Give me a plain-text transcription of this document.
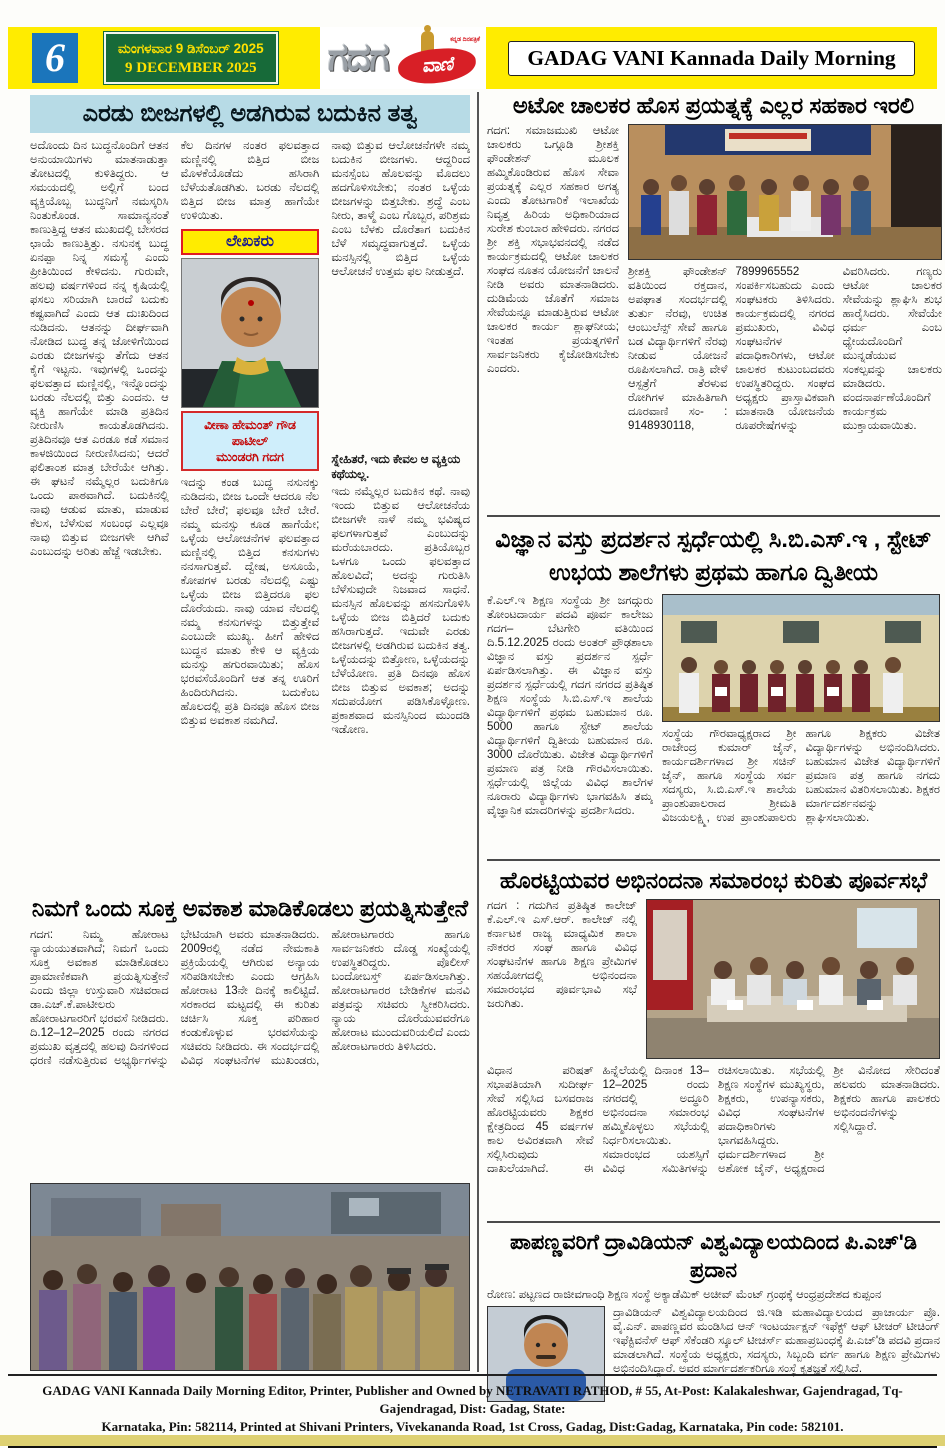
6	ಮಂಗಳವಾರ 9 ಡಿಸೆಂಬರ್ 2025
9 DECEMBER 2025 ಗದಗ	ಕನ್ನಡ ದಿನಪತ್ರಿಕೆ
ವಾಣಿ	GADAG VANI Kannada Daily Morning
ಎರಡು ಬೀಜಗಳಲ್ಲಿ ಅಡಗಿರುವ ಬದುಕಿನ ತತ್ವ
ಅದೊಂದು ದಿನ ಬುದ್ಧನೊಂದಿಗೆ ಆತನ ಅನುಯಾಯಿಗಳು ಮಾತನಾಡುತ್ತಾ ತೋಟದಲ್ಲಿ ಕುಳಿತಿದ್ದರು. ಆ ಸಮಯದಲ್ಲಿ ಅಲ್ಲಿಗೆ ಬಂದ ವ್ಯಕ್ತಿಯೊಬ್ಬ ಬುದ್ಧನಿಗೆ ನಮಸ್ಕರಿಸಿ ನಿಂತುಕೊಂಡ. ಸಾಮಾನ್ಯನಂತೆ ಕಾಣುತ್ತಿದ್ದ ಆತನ ಮುಖದಲ್ಲಿ ಬೇಸರದ ಛಾಯೆ ಕಾಣುತ್ತಿತ್ತು. ನಸುನಕ್ಕ ಬುದ್ಧ ಏನಪ್ಪಾ ನಿನ್ನ ಸಮಸ್ಯೆ ಎಂದು ಪ್ರೀತಿಯಿಂದ ಕೇಳಿದನು. ಗುರುವೇ, ಹಲವು ವರ್ಷಗಳಿಂದ ನನ್ನ ಕೃಷಿಯಲ್ಲಿ ಫಸಲು ಸರಿಯಾಗಿ ಬಾರದೆ ಬದುಕು ಕಷ್ಟವಾಗಿದೆ ಎಂದು ಆತ ದುಃಖದಿಂದ ನುಡಿದನು. ಆತನನ್ನು ದೀರ್ಘವಾಗಿ ನೋಡಿದ ಬುದ್ಧ ತನ್ನ ಜೋಳಿಗೆಯಿಂದ ಎರಡು ಬೀಜಗಳನ್ನು ತೆಗೆದು ಆತನ ಕೈಗೆ ಇಟ್ಟನು. ಇವುಗಳಲ್ಲಿ ಒಂದನ್ನು ಫಲವತ್ತಾದ ಮಣ್ಣಿನಲ್ಲಿ, ಇನ್ನೊಂದನ್ನು ಬರಡು ನೆಲದಲ್ಲಿ ಬಿತ್ತು ಎಂದನು. ಆ ವ್ಯಕ್ತಿ ಹಾಗೆಯೇ ಮಾಡಿ ಪ್ರತಿದಿನ ನೀರುಣಿಸಿ ಕಾಯತೊಡಗಿದನು. ಪ್ರತಿದಿನವೂ ಆತ ಎರಡೂ ಕಡೆ ಸಮಾನ ಕಾಳಜಿಯಿಂದ ನೀರುಣಿಸಿದನು; ಆದರೆ ಫಲಿತಾಂಶ ಮಾತ್ರ ಬೇರೆಯೇ ಆಗಿತ್ತು. ಈ ಘಟನೆ ನಮ್ಮೆಲ್ಲರ ಬದುಕಿಗೂ ಒಂದು ಪಾಠವಾಗಿದೆ. ಬದುಕಿನಲ್ಲಿ ನಾವು ಆಡುವ ಮಾತು, ಮಾಡುವ ಕೆಲಸ, ಬೆಳೆಸುವ ಸಂಬಂಧ ಎಲ್ಲವೂ ನಾವು ಬಿತ್ತುವ ಬೀಜಗಳೇ ಆಗಿವೆ ಎಂಬುದನ್ನು ಅರಿತು ಹೆಜ್ಜೆ ಇಡಬೇಕು.
ಕೆಲ ದಿನಗಳ ನಂತರ ಫಲವತ್ತಾದ ಮಣ್ಣಿನಲ್ಲಿ ಬಿತ್ತಿದ ಬೀಜ ಮೊಳಕೆಯೊಡೆದು ಹಸಿರಾಗಿ ಬೆಳೆಯತೊಡಗಿತು. ಬರಡು ನೆಲದಲ್ಲಿ ಬಿತ್ತಿದ ಬೀಜ ಮಾತ್ರ ಹಾಗೆಯೇ ಉಳಿಯಿತು.
ಲೇಖಕರು
ವೀಣಾ ಹೇಮಂತ್ ಗೌಡ ಪಾಟೀಲ್
ಮುಂಡರಗಿ ಗದಗ
ಇದನ್ನು ಕಂಡ ಬುದ್ಧ ನಸುನಕ್ಕು ನುಡಿದನು, ಬೀಜ ಒಂದೇ ಆದರೂ ನೆಲ ಬೇರೆ ಬೇರೆ; ಫಲವೂ ಬೇರೆ ಬೇರೆ. ನಮ್ಮ ಮನಸ್ಸು ಕೂಡ ಹಾಗೆಯೇ; ಒಳ್ಳೆಯ ಆಲೋಚನೆಗಳ ಫಲವತ್ತಾದ ಮಣ್ಣಿನಲ್ಲಿ ಬಿತ್ತಿದ ಕನಸುಗಳು ನನಸಾಗುತ್ತವೆ. ದ್ವೇಷ, ಅಸೂಯೆ, ಕೋಪಗಳ ಬರಡು ನೆಲದಲ್ಲಿ ಎಷ್ಟು ಒಳ್ಳೆಯ ಬೀಜ ಬಿತ್ತಿದರೂ ಫಲ ದೊರೆಯದು. ನಾವು ಯಾವ ನೆಲದಲ್ಲಿ ನಮ್ಮ ಕನಸುಗಳನ್ನು ಬಿತ್ತುತ್ತೇವೆ ಎಂಬುದೇ ಮುಖ್ಯ. ಹೀಗೆ ಹೇಳಿದ ಬುದ್ಧನ ಮಾತು ಕೇಳಿ ಆ ವ್ಯಕ್ತಿಯ ಮನಸ್ಸು ಹಗುರವಾಯಿತು; ಹೊಸ ಭರವಸೆಯೊಂದಿಗೆ ಆತ ತನ್ನ ಊರಿಗೆ ಹಿಂದಿರುಗಿದನು. ಬದುಕೆಂಬ ಹೊಲದಲ್ಲಿ ಪ್ರತಿ ದಿನವೂ ಹೊಸ ಬೀಜ ಬಿತ್ತುವ ಅವಕಾಶ ನಮಗಿದೆ.
ನಾವು ಬಿತ್ತುವ ಆಲೋಚನೆಗಳೇ ನಮ್ಮ ಬದುಕಿನ ಬೀಜಗಳು. ಆದ್ದರಿಂದ ಮನಸ್ಸೆಂಬ ಹೊಲವನ್ನು ಮೊದಲು ಹದಗೊಳಿಸಬೇಕು; ನಂತರ ಒಳ್ಳೆಯ ಬೀಜಗಳನ್ನು ಬಿತ್ತಬೇಕು. ಶ್ರದ್ಧೆ ಎಂಬ ನೀರು, ತಾಳ್ಮೆ ಎಂಬ ಗೊಬ್ಬರ, ಪರಿಶ್ರಮ ಎಂಬ ಬೆಳಕು ದೊರೆತಾಗ ಬದುಕಿನ ಬೆಳೆ ಸಮೃದ್ಧವಾಗುತ್ತದೆ. ಒಳ್ಳೆಯ ಮನಸ್ಸಿನಲ್ಲಿ ಬಿತ್ತಿದ ಒಳ್ಳೆಯ ಆಲೋಚನೆ ಉತ್ತಮ ಫಲ ನೀಡುತ್ತದೆ.
ಸ್ನೇಹಿತರೆ, ಇದು ಕೇವಲ ಆ ವ್ಯಕ್ತಿಯ ಕಥೆಯಲ್ಲ.
ಇದು ನಮ್ಮೆಲ್ಲರ ಬದುಕಿನ ಕಥೆ. ನಾವು ಇಂದು ಬಿತ್ತುವ ಆಲೋಚನೆಯ ಬೀಜಗಳೇ ನಾಳೆ ನಮ್ಮ ಭವಿಷ್ಯದ ಫಲಗಳಾಗುತ್ತವೆ ಎಂಬುದನ್ನು ಮರೆಯಬಾರದು. ಪ್ರತಿಯೊಬ್ಬರ ಒಳಗೂ ಒಂದು ಫಲವತ್ತಾದ ಹೊಲವಿದೆ; ಅದನ್ನು ಗುರುತಿಸಿ ಬೆಳೆಸುವುದೇ ನಿಜವಾದ ಸಾಧನೆ. ಮನಸ್ಸಿನ ಹೊಲವನ್ನು ಹಸನುಗೊಳಿಸಿ ಒಳ್ಳೆಯ ಬೀಜ ಬಿತ್ತಿದರೆ ಬದುಕು ಹಸಿರಾಗುತ್ತದೆ. ಇದುವೇ ಎರಡು ಬೀಜಗಳಲ್ಲಿ ಅಡಗಿರುವ ಬದುಕಿನ ತತ್ವ. ಒಳ್ಳೆಯದನ್ನು ಬಿತ್ತೋಣ, ಒಳ್ಳೆಯದನ್ನು ಬೆಳೆಯೋಣ. ಪ್ರತಿ ದಿನವೂ ಹೊಸ ಬೀಜ ಬಿತ್ತುವ ಅವಕಾಶ; ಅದನ್ನು ಸದುಪಯೋಗ ಪಡಿಸಿಕೊಳ್ಳೋಣ. ಪ್ರಕಾಶವಾದ ಮನಸ್ಸಿನಿಂದ ಮುಂದಡಿ ಇಡೋಣ.
ನಿಮಗೆ ಒಂದು ಸೂಕ್ತ ಅವಕಾಶ ಮಾಡಿಕೊಡಲು ಪ್ರಯತ್ನಿಸುತ್ತೇನೆ
ಗದಗ: ನಿಮ್ಮ ಹೋರಾಟ ನ್ಯಾಯಯುತವಾಗಿದೆ; ನಿಮಗೆ ಒಂದು ಸೂಕ್ತ ಅವಕಾಶ ಮಾಡಿಕೊಡಲು ಪ್ರಾಮಾಣಿಕವಾಗಿ ಪ್ರಯತ್ನಿಸುತ್ತೇನೆ ಎಂದು ಜಿಲ್ಲಾ ಉಸ್ತುವಾರಿ ಸಚಿವರಾದ ಡಾ.ಎಚ್.ಕೆ.ಪಾಟೀಲರು ಹೋರಾಟಗಾರರಿಗೆ ಭರವಸೆ ನೀಡಿದರು. ದಿ.12–12–2025 ರಂದು ನಗರದ ಪ್ರಮುಖ ವೃತ್ತದಲ್ಲಿ ಹಲವು ದಿನಗಳಿಂದ ಧರಣಿ ನಡೆಸುತ್ತಿರುವ ಅಭ್ಯರ್ಥಿಗಳನ್ನು ಭೇಟಿಯಾಗಿ ಅವರು ಮಾತನಾಡಿದರು. 2009ರಲ್ಲಿ ನಡೆದ ನೇಮಕಾತಿ ಪ್ರಕ್ರಿಯೆಯಲ್ಲಿ ಆಗಿರುವ ಅನ್ಯಾಯ ಸರಿಪಡಿಸಬೇಕು ಎಂದು ಆಗ್ರಹಿಸಿ ಹೋರಾಟ 13ನೇ ದಿನಕ್ಕೆ ಕಾಲಿಟ್ಟಿದೆ. ಸರಕಾರದ ಮಟ್ಟದಲ್ಲಿ ಈ ಕುರಿತು ಚರ್ಚಿಸಿ ಸೂಕ್ತ ಪರಿಹಾರ ಕಂಡುಕೊಳ್ಳುವ ಭರವಸೆಯನ್ನು ಸಚಿವರು ನೀಡಿದರು. ಈ ಸಂದರ್ಭದಲ್ಲಿ ವಿವಿಧ ಸಂಘಟನೆಗಳ ಮುಖಂಡರು, ಹೋರಾಟಗಾರರು ಹಾಗೂ ಸಾರ್ವಜನಿಕರು ದೊಡ್ಡ ಸಂಖ್ಯೆಯಲ್ಲಿ ಉಪಸ್ಥಿತರಿದ್ದರು. ಪೊಲೀಸ್ ಬಂದೋಬಸ್ತ್ ಏರ್ಪಡಿಸಲಾಗಿತ್ತು. ಹೋರಾಟಗಾರರ ಬೇಡಿಕೆಗಳ ಮನವಿ ಪತ್ರವನ್ನು ಸಚಿವರು ಸ್ವೀಕರಿಸಿದರು. ನ್ಯಾಯ ದೊರೆಯುವವರೆಗೂ ಹೋರಾಟ ಮುಂದುವರಿಯಲಿದೆ ಎಂದು ಹೋರಾಟಗಾರರು ತಿಳಿಸಿದರು.
ಅಟೋ ಚಾಲಕರ ಹೊಸ ಪ್ರಯತ್ನಕ್ಕೆ ಎಲ್ಲರ ಸಹಕಾರ ಇರಲಿ
ಗದಗ: ಸಮಾಜಮುಖಿ ಆಟೋ ಚಾಲಕರು ಒಗ್ಗೂಡಿ ಶ್ರೀಶಕ್ತಿ ಫೌಂಡೇಶನ್ ಮೂಲಕ ಹಮ್ಮಿಕೊಂಡಿರುವ ಹೊಸ ಸೇವಾ ಪ್ರಯತ್ನಕ್ಕೆ ಎಲ್ಲರ ಸಹಕಾರ ಅಗತ್ಯ ಎಂದು ತೋಟಗಾರಿಕೆ ಇಲಾಖೆಯ ನಿವೃತ್ತ ಹಿರಿಯ ಅಧಿಕಾರಿಯಾದ ಸುರೇಶ ಕುಂಬಾರ ಹೇಳಿದರು. ನಗರದ ಶ್ರೀ ಶಕ್ತಿ ಸಭಾಭವನದಲ್ಲಿ ನಡೆದ ಕಾರ್ಯಕ್ರಮದಲ್ಲಿ ಆಟೋ ಚಾಲಕರ ಸಂಘದ ನೂತನ ಯೋಜನೆಗೆ ಚಾಲನೆ ನೀಡಿ ಅವರು ಮಾತನಾಡಿದರು. ದುಡಿಮೆಯ ಜೊತೆಗೆ ಸಮಾಜ ಸೇವೆಯನ್ನೂ ಮಾಡುತ್ತಿರುವ ಆಟೋ ಚಾಲಕರ ಕಾರ್ಯ ಶ್ಲಾಘನೀಯ; ಇಂತಹ ಪ್ರಯತ್ನಗಳಿಗೆ ಸಾರ್ವಜನಿಕರು ಕೈಜೋಡಿಸಬೇಕು ಎಂದರು.
ಶ್ರೀಶಕ್ತಿ ಫೌಂಡೇಶನ್ ವತಿಯಿಂದ ರಕ್ತದಾನ, ಅಪಘಾತ ಸಂದರ್ಭದಲ್ಲಿ ತುರ್ತು ನೆರವು, ಉಚಿತ ಆಂಬುಲೆನ್ಸ್ ಸೇವೆ ಹಾಗೂ ಬಡ ವಿದ್ಯಾರ್ಥಿಗಳಿಗೆ ನೆರವು ನೀಡುವ ಯೋಜನೆ ರೂಪಿಸಲಾಗಿದೆ. ರಾತ್ರಿ ವೇಳೆ ಆಸ್ಪತ್ರೆಗೆ ತೆರಳುವ ರೋಗಿಗಳ ಮಾಹಿತಿಗಾಗಿ ದೂರವಾಣಿ ಸಂ- : 9148930118, 7899965552 ಸಂಪರ್ಕಿಸಬಹುದು ಎಂದು ಸಂಘಟಕರು ತಿಳಿಸಿದರು. ಕಾರ್ಯಕ್ರಮದಲ್ಲಿ ನಗರದ ಪ್ರಮುಖರು, ವಿವಿಧ ಸಂಘಟನೆಗಳ ಪದಾಧಿಕಾರಿಗಳು, ಆಟೋ ಚಾಲಕರ ಕುಟುಂಬದವರು ಉಪಸ್ಥಿತರಿದ್ದರು. ಸಂಘದ ಅಧ್ಯಕ್ಷರು ಪ್ರಾಸ್ತಾವಿಕವಾಗಿ ಮಾತನಾಡಿ ಯೋಜನೆಯ ರೂಪರೇಷೆಗಳನ್ನು ವಿವರಿಸಿದರು. ಗಣ್ಯರು ಆಟೋ ಚಾಲಕರ ಸೇವೆಯನ್ನು ಶ್ಲಾಘಿಸಿ ಶುಭ ಹಾರೈಸಿದರು. ಸೇವೆಯೇ ಧರ್ಮ ಎಂಬ ಧ್ಯೇಯದೊಂದಿಗೆ ಮುನ್ನಡೆಯುವ ಸಂಕಲ್ಪವನ್ನು ಚಾಲಕರು ಮಾಡಿದರು. ವಂದನಾರ್ಪಣೆಯೊಂದಿಗೆ ಕಾರ್ಯಕ್ರಮ ಮುಕ್ತಾಯವಾಯಿತು.
ವಿಜ್ಞಾನ ವಸ್ತು ಪ್ರದರ್ಶನ ಸ್ಪರ್ಧೆಯಲ್ಲಿ ಸಿ.ಬಿ.ಎಸ್.ಇ , ಸ್ಟೇಟ್ ಉಭಯ ಶಾಲೆಗಳು ಪ್ರಥಮ ಹಾಗೂ ದ್ವಿತೀಯ
ಕೆ.ಎಲ್.ಇ ಶಿಕ್ಷಣ ಸಂಸ್ಥೆಯ ಶ್ರೀ ಜಗದ್ಗುರು ತೋಂಟದಾರ್ಯ ಪದವಿ ಪೂರ್ವ ಕಾಲೇಜು ಗದಗ– ಬೆಟಗೇರಿ ವತಿಯಿಂದ ದಿ.5.12.2025 ರಂದು ಅಂತರ್ ಪ್ರೌಢಶಾಲಾ ವಿಜ್ಞಾನ ವಸ್ತು ಪ್ರದರ್ಶನ ಸ್ಪರ್ಧೆ ಏರ್ಪಡಿಸಲಾಗಿತ್ತು. ಈ ವಿಜ್ಞಾನ ವಸ್ತು ಪ್ರದರ್ಶನ ಸ್ಪರ್ಧೆಯಲ್ಲಿ ಗದಗ ನಗರದ ಪ್ರತಿಷ್ಠಿತ ಶಿಕ್ಷಣ ಸಂಸ್ಥೆಯ ಸಿ.ಬಿ.ಎಸ್.ಇ ಶಾಲೆಯ ವಿದ್ಯಾರ್ಥಿಗಳಿಗೆ ಪ್ರಥಮ ಬಹುಮಾನ ರೂ. 5000 ಹಾಗೂ ಸ್ಟೇಟ್ ಶಾಲೆಯ ವಿದ್ಯಾರ್ಥಿಗಳಿಗೆ ದ್ವಿತೀಯ ಬಹುಮಾನ ರೂ. 3000 ದೊರೆಯಿತು. ವಿಜೇತ ವಿದ್ಯಾರ್ಥಿಗಳಿಗೆ ಪ್ರಮಾಣ ಪತ್ರ ನೀಡಿ ಗೌರವಿಸಲಾಯಿತು. ಸ್ಪರ್ಧೆಯಲ್ಲಿ ಜಿಲ್ಲೆಯ ವಿವಿಧ ಶಾಲೆಗಳ ನೂರಾರು ವಿದ್ಯಾರ್ಥಿಗಳು ಭಾಗವಹಿಸಿ ತಮ್ಮ ವೈಜ್ಞಾನಿಕ ಮಾದರಿಗಳನ್ನು ಪ್ರದರ್ಶಿಸಿದರು.
ಸಂಸ್ಥೆಯ ಗೌರವಾಧ್ಯಕ್ಷರಾದ ಶ್ರೀ ರಾಜೇಂದ್ರ ಕುಮಾರ್ ಜೈನ್, ಕಾರ್ಯದರ್ಶಿಗಳಾದ ಶ್ರೀ ಸಚಿನ್ ಜೈನ್, ಹಾಗೂ ಸಂಸ್ಥೆಯ ಸರ್ವ ಸದಸ್ಯರು, ಸಿ.ಬಿ.ಎಸ್.ಇ ಶಾಲೆಯ ಪ್ರಾಂಶುಪಾಲರಾದ ಶ್ರೀಮತಿ ವಿಜಯಲಕ್ಷ್ಮಿ, ಉಪ ಪ್ರಾಂಶುಪಾಲರು ಹಾಗೂ ಶಿಕ್ಷಕರು ವಿಜೇತ ವಿದ್ಯಾರ್ಥಿಗಳನ್ನು ಅಭಿನಂದಿಸಿದರು. ಬಹುಮಾನ ವಿಜೇತ ವಿದ್ಯಾರ್ಥಿಗಳಿಗೆ ಪ್ರಮಾಣ ಪತ್ರ ಹಾಗೂ ನಗದು ಬಹುಮಾನ ವಿತರಿಸಲಾಯಿತು. ಶಿಕ್ಷಕರ ಮಾರ್ಗದರ್ಶನವನ್ನು ಶ್ಲಾಘಿಸಲಾಯಿತು.
ಹೊರಟ್ಟಿಯವರ ಅಭಿನಂದನಾ ಸಮಾರಂಭ ಕುರಿತು ಪೂರ್ವಸಭೆ
ಗದಗ : ಗದುಗಿನ ಪ್ರತಿಷ್ಠಿತ ಕಾಲೇಜ್ ಕೆ.ಎಲ್.ಇ ಎಸ್.ಆರ್. ಕಾಲೇಜ್ ನಲ್ಲಿ ಕರ್ನಾಟಕ ರಾಜ್ಯ ಮಾಧ್ಯಮಿಕ ಶಾಲಾ ನೌಕರರ ಸಂಘ ಹಾಗೂ ವಿವಿಧ ಸಂಘಟನೆಗಳ ಹಾಗೂ ಶಿಕ್ಷಣ ಪ್ರೇಮಿಗಳ ಸಹಯೋಗದಲ್ಲಿ ಅಭಿನಂದನಾ ಸಮಾರಂಭದ ಪೂರ್ವಭಾವಿ ಸಭೆ ಜರುಗಿತು.
ವಿಧಾನ ಪರಿಷತ್ ಸಭಾಪತಿಯಾಗಿ ಸುದೀರ್ಘ ಸೇವೆ ಸಲ್ಲಿಸಿದ ಬಸವರಾಜ ಹೊರಟ್ಟಿಯವರು ಶಿಕ್ಷಕರ ಕ್ಷೇತ್ರದಿಂದ 45 ವರ್ಷಗಳ ಕಾಲ ಅವಿರತವಾಗಿ ಸೇವೆ ಸಲ್ಲಿಸಿರುವುದು ದಾಖಲೆಯಾಗಿದೆ. ಈ ಹಿನ್ನೆಲೆಯಲ್ಲಿ ದಿನಾಂಕ 13–12–2025 ರಂದು ನಗರದಲ್ಲಿ ಅದ್ಧೂರಿ ಅಭಿನಂದನಾ ಸಮಾರಂಭ ಹಮ್ಮಿಕೊಳ್ಳಲು ಸಭೆಯಲ್ಲಿ ನಿರ್ಧರಿಸಲಾಯಿತು. ಸಮಾರಂಭದ ಯಶಸ್ಸಿಗೆ ವಿವಿಧ ಸಮಿತಿಗಳನ್ನು ರಚಿಸಲಾಯಿತು. ಸಭೆಯಲ್ಲಿ ಶಿಕ್ಷಣ ಸಂಸ್ಥೆಗಳ ಮುಖ್ಯಸ್ಥರು, ಶಿಕ್ಷಕರು, ಉಪನ್ಯಾಸಕರು, ವಿವಿಧ ಸಂಘಟನೆಗಳ ಪದಾಧಿಕಾರಿಗಳು ಭಾಗವಹಿಸಿದ್ದರು. ಧರ್ಮದರ್ಶಿಗಳಾದ ಶ್ರೀ ಅಶೋಕ ಜೈನ್, ಅಧ್ಯಕ್ಷರಾದ ಶ್ರೀ ವಿನೋದ ಸೇರಿದಂತೆ ಹಲವರು ಮಾತನಾಡಿದರು. ಶಿಕ್ಷಕರು ಹಾಗೂ ಪಾಲಕರು ಅಭಿನಂದನೆಗಳನ್ನು ಸಲ್ಲಿಸಿದ್ದಾರೆ.
ಪಾಪಣ್ಣವರಿಗೆ ದ್ರಾವಿಡಿಯನ್ ವಿಶ್ವವಿದ್ಯಾಲಯದಿಂದ ಪಿ.ಎಚ್'ಡಿ ಪ್ರದಾನ
ರೋಣ: ಪಟ್ಟಣದ ರಾಜೀವಗಾಂಧಿ ಶಿಕ್ಷಣ ಸಂಸ್ಥೆ ಅಕ್ಯಾಡೆಮಿಕ್ ಅಚೀವ್ ಮೆಂಟ್ ಗ್ರಂಥಕ್ಕೆ ಆಂಧ್ರಪ್ರದೇಶದ ಕುಪ್ಪಂನ
ದ್ರಾವಿಡಿಯನ್ ವಿಶ್ವವಿದ್ಯಾಲಯದಿಂದ ಜಿ.ಇಡಿ ಮಹಾವಿದ್ಯಾಲಯದ ಪ್ರಾಚಾರ್ಯ ಪ್ರೊ. ವೈ.ಎನ್. ಪಾಪಣ್ಣವರ ಮಂಡಿಸಿದ ಆನ್ ಇಂಟರ್ಯಾಕ್ಷನ್ ಇಫೆಕ್ಟ್ ಆಫ್ ಟೀಚರ್ ಟೀಚಿಂಗ್ ಇಫೆಕ್ಟಿವನೆಸ್ ಆಫ್ ಸೆಕೆಂಡರಿ ಸ್ಕೂಲ್ ಟೀಚರ್ಸ್ ಮಹಾಪ್ರಬಂಧಕ್ಕೆ ಪಿ.ಎಚ್'ಡಿ ಪದವಿ ಪ್ರದಾನ ಮಾಡಲಾಗಿದೆ. ಸಂಸ್ಥೆಯ ಅಧ್ಯಕ್ಷರು, ಸದಸ್ಯರು, ಸಿಬ್ಬಂದಿ ವರ್ಗ ಹಾಗೂ ಶಿಕ್ಷಣ ಪ್ರೇಮಿಗಳು ಅಭಿನಂದಿಸಿದ್ದಾರೆ. ಅವರ ಮಾರ್ಗದರ್ಶಕರಿಗೂ ಸಂಸ್ಥೆ ಕೃತಜ್ಞತೆ ಸಲ್ಲಿಸಿದೆ.
GADAG VANI Kannada Daily Morning Editor, Printer, Publisher and Owned by NETRAVATI RATHOD, # 55, At-Post: Kalakaleshwar, Gajendragad, Tq-Gajendragad, Dist: Gadag, State:
Karnataka, Pin: 582114, Printed at Shivani Printers, Vivekananda Road, 1st Cross, Gadag, Dist:Gadag, Karnataka, Pin code: 582101.
